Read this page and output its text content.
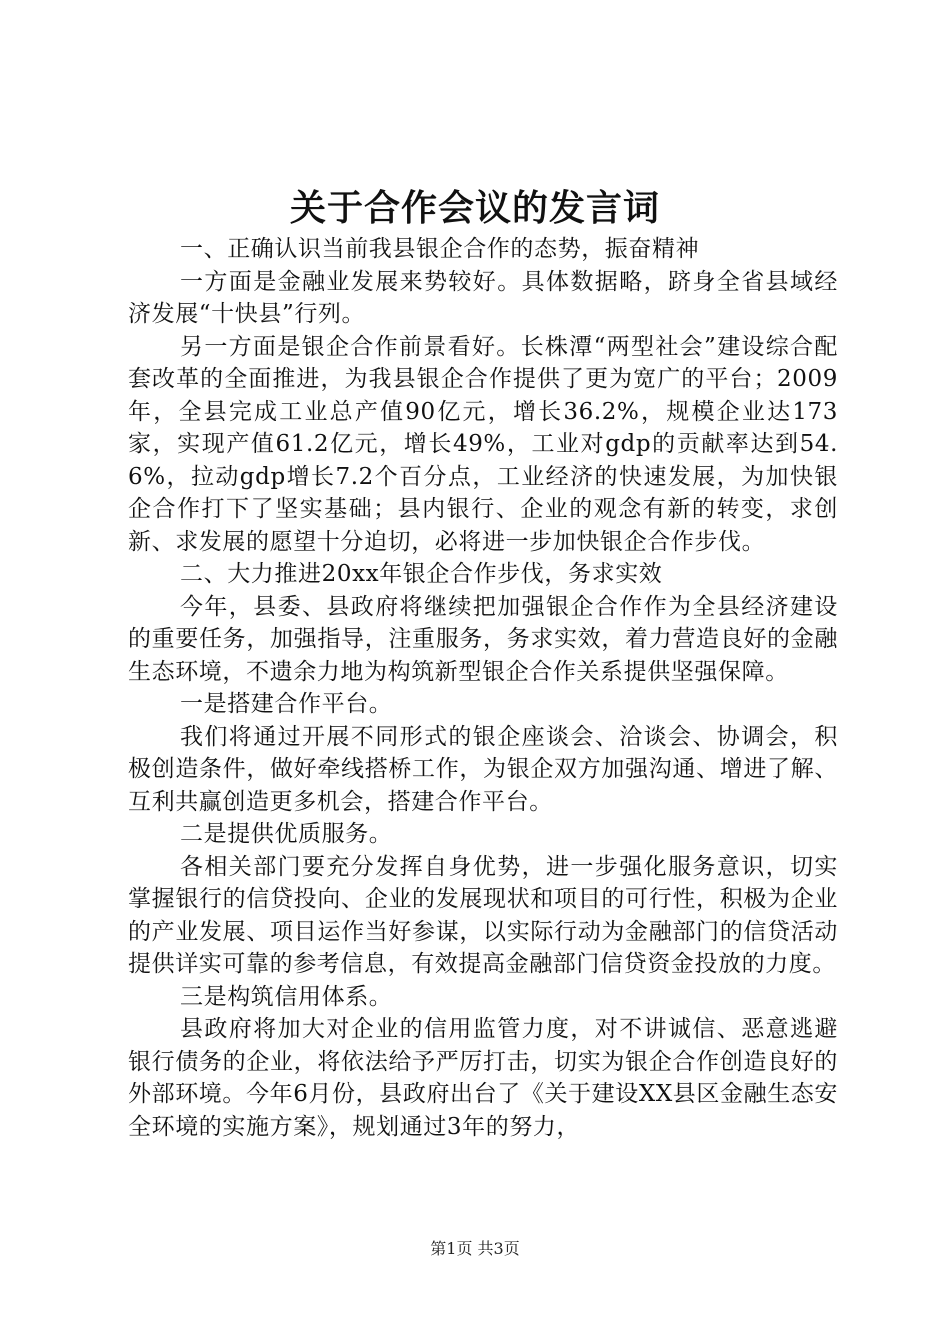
关于合作会议的发言词

一、正确认识当前我县银企合作的态势，振奋精神

一方面是金融业发展来势较好。具体数据略，跻身全省县域经济发展“十快县”行列。

另一方面是银企合作前景看好。长株潭“两型社会”建设综合配套改革的全面推进，为我县银企合作提供了更为宽广的平台；2009年，全县完成工业总产值90亿元，增长36.2%，规模企业达173家，实现产值61.2亿元，增长49%，工业对gdp的贡献率达到54.6%，拉动gdp增长7.2个百分点，工业经济的快速发展，为加快银企合作打下了坚实基础；县内银行、企业的观念有新的转变，求创新、求发展的愿望十分迫切，必将进一步加快银企合作步伐。

二、大力推进20xx年银企合作步伐，务求实效

今年，县委、县政府将继续把加强银企合作作为全县经济建设的重要任务，加强指导，注重服务，务求实效，着力营造良好的金融生态环境，不遗余力地为构筑新型银企合作关系提供坚强保障。

一是搭建合作平台。

我们将通过开展不同形式的银企座谈会、洽谈会、协调会，积极创造条件，做好牵线搭桥工作，为银企双方加强沟通、增进了解、互利共赢创造更多机会，搭建合作平台。

二是提供优质服务。

各相关部门要充分发挥自身优势，进一步强化服务意识，切实掌握银行的信贷投向、企业的发展现状和项目的可行性，积极为企业的产业发展、项目运作当好参谋，以实际行动为金融部门的信贷活动提供详实可靠的参考信息，有效提高金融部门信贷资金投放的力度。

三是构筑信用体系。

县政府将加大对企业的信用监管力度，对不讲诚信、恶意逃避银行债务的企业，将依法给予严厉打击，切实为银企合作创造良好的外部环境。今年6月份，县政府出台了《关于建设XX县区金融生态安全环境的实施方案》，规划通过3年的努力，

第1页 共3页
